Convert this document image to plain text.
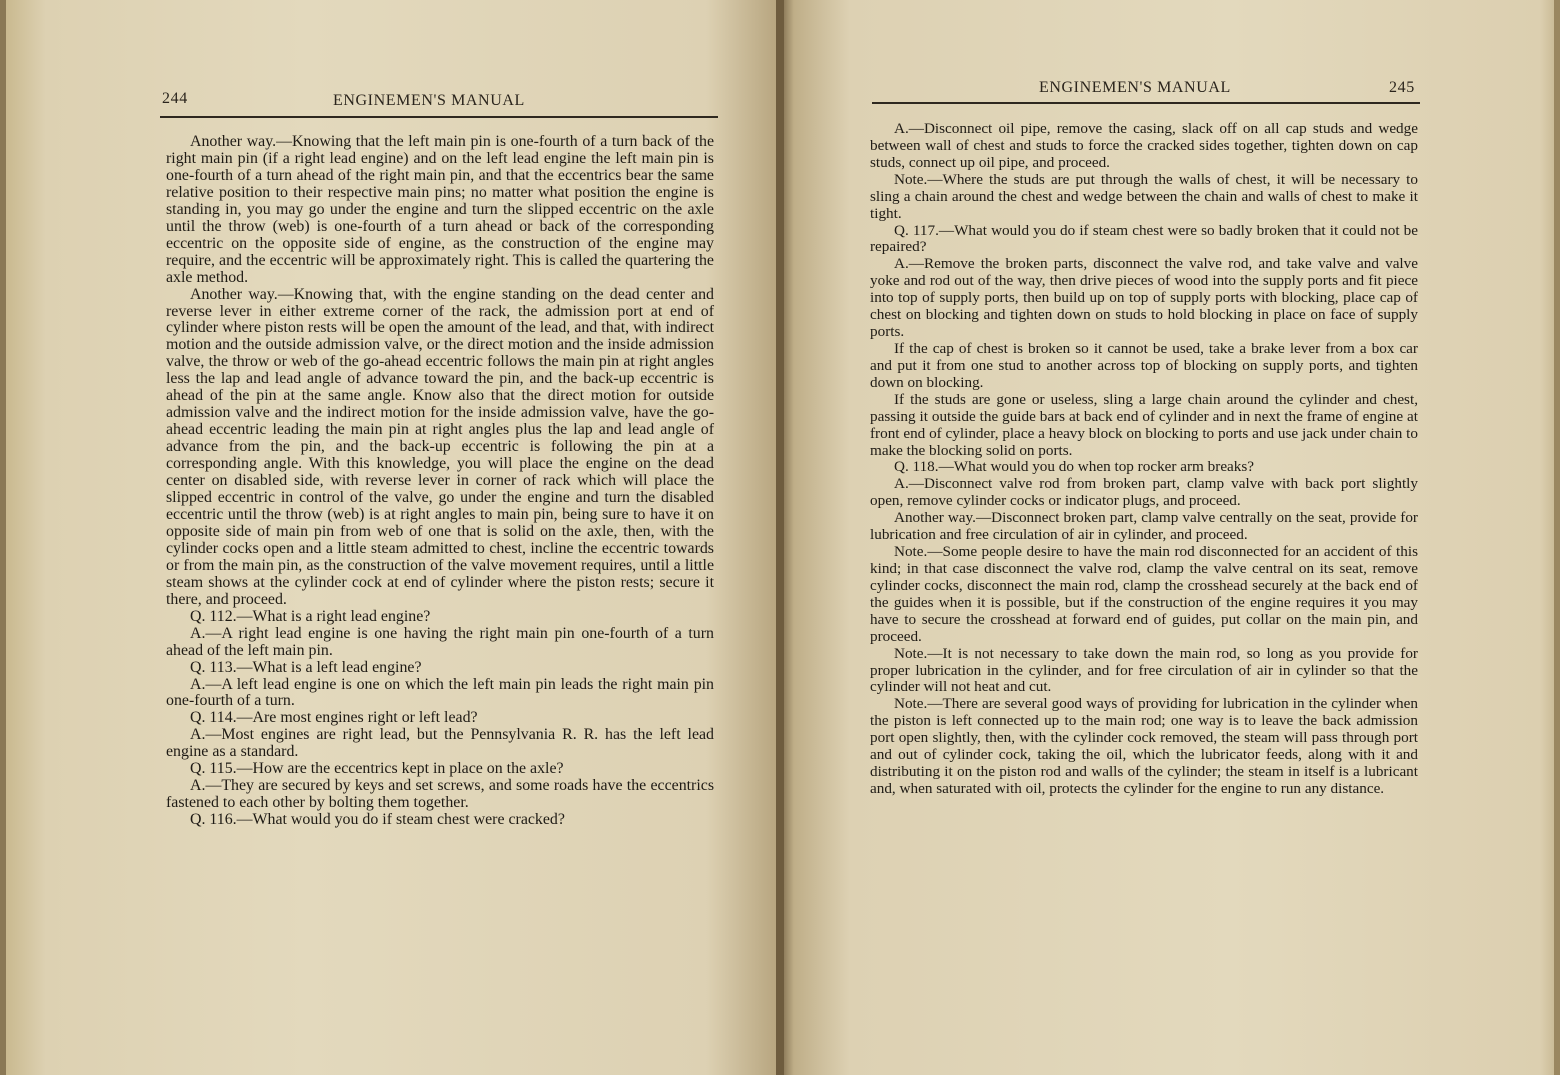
244	ENGINEMEN'S MANUAL

Another way.—Knowing that the left main pin is one-fourth of a turn back of the right main pin (if a right lead engine) and on the left lead engine the left main pin is one-fourth of a turn ahead of the right main pin, and that the eccentrics bear the same relative position to their respective main pins; no matter what position the engine is standing in, you may go under the engine and turn the slipped eccentric on the axle until the throw (web) is one-fourth of a turn ahead or back of the corresponding eccentric on the opposite side of engine, as the construction of the engine may require, and the eccentric will be approximately right. This is called the quartering the axle method.

Another way.—Knowing that, with the engine standing on the dead center and reverse lever in either extreme corner of the rack, the admission port at end of cylinder where piston rests will be open the amount of the lead, and that, with indirect motion and the outside admission valve, or the direct motion and the inside admission valve, the throw or web of the go-ahead eccentric follows the main pin at right angles less the lap and lead angle of advance toward the pin, and the back-up eccentric is ahead of the pin at the same angle. Know also that the direct motion for outside admission valve and the indirect motion for the inside admission valve, have the go-ahead eccentric leading the main pin at right angles plus the lap and lead angle of advance from the pin, and the back-up eccentric is following the pin at a corresponding angle. With this knowledge, you will place the engine on the dead center on disabled side, with reverse lever in corner of rack which will place the slipped eccentric in control of the valve, go under the engine and turn the disabled eccentric until the throw (web) is at right angles to main pin, being sure to have it on opposite side of main pin from web of one that is solid on the axle, then, with the cylinder cocks open and a little steam admitted to chest, incline the eccentric towards or from the main pin, as the construction of the valve movement requires, until a little steam shows at the cylinder cock at end of cylinder where the piston rests; secure it there, and proceed.

Q. 112.—What is a right lead engine?

A.—A right lead engine is one having the right main pin one-fourth of a turn ahead of the left main pin.

Q. 113.—What is a left lead engine?

A.—A left lead engine is one on which the left main pin leads the right main pin one-fourth of a turn.

Q. 114.—Are most engines right or left lead?

A.—Most engines are right lead, but the Pennsylvania R. R. has the left lead engine as a standard.

Q. 115.—How are the eccentrics kept in place on the axle?

A.—They are secured by keys and set screws, and some roads have the eccentrics fastened to each other by bolting them together.

Q. 116.—What would you do if steam chest were cracked?

ENGINEMEN'S MANUAL	245

A.—Disconnect oil pipe, remove the casing, slack off on all cap studs and wedge between wall of chest and studs to force the cracked sides together, tighten down on cap studs, connect up oil pipe, and proceed.

Note.—Where the studs are put through the walls of chest, it will be necessary to sling a chain around the chest and wedge between the chain and walls of chest to make it tight.

Q. 117.—What would you do if steam chest were so badly broken that it could not be repaired?

A.—Remove the broken parts, disconnect the valve rod, and take valve and valve yoke and rod out of the way, then drive pieces of wood into the supply ports and fit piece into top of supply ports, then build up on top of supply ports with blocking, place cap of chest on blocking and tighten down on studs to hold blocking in place on face of supply ports.

If the cap of chest is broken so it cannot be used, take a brake lever from a box car and put it from one stud to another across top of blocking on supply ports, and tighten down on blocking.

If the studs are gone or useless, sling a large chain around the cylinder and chest, passing it outside the guide bars at back end of cylinder and in next the frame of engine at front end of cylinder, place a heavy block on blocking to ports and use jack under chain to make the blocking solid on ports.

Q. 118.—What would you do when top rocker arm breaks?

A.—Disconnect valve rod from broken part, clamp valve with back port slightly open, remove cylinder cocks or indicator plugs, and proceed.

Another way.—Disconnect broken part, clamp valve centrally on the seat, provide for lubrication and free circulation of air in cylinder, and proceed.

Note.—Some people desire to have the main rod disconnected for an accident of this kind; in that case disconnect the valve rod, clamp the valve central on its seat, remove cylinder cocks, disconnect the main rod, clamp the crosshead securely at the back end of the guides when it is possible, but if the construction of the engine requires it you may have to secure the crosshead at forward end of guides, put collar on the main pin, and proceed.

Note.—It is not necessary to take down the main rod, so long as you provide for proper lubrication in the cylinder, and for free circulation of air in cylinder so that the cylinder will not heat and cut.

Note.—There are several good ways of providing for lubrication in the cylinder when the piston is left connected up to the main rod; one way is to leave the back admission port open slightly, then, with the cylinder cock removed, the steam will pass through port and out of cylinder cock, taking the oil, which the lubricator feeds, along with it and distributing it on the piston rod and walls of the cylinder; the steam in itself is a lubricant and, when saturated with oil, protects the cylinder for the engine to run any distance.
